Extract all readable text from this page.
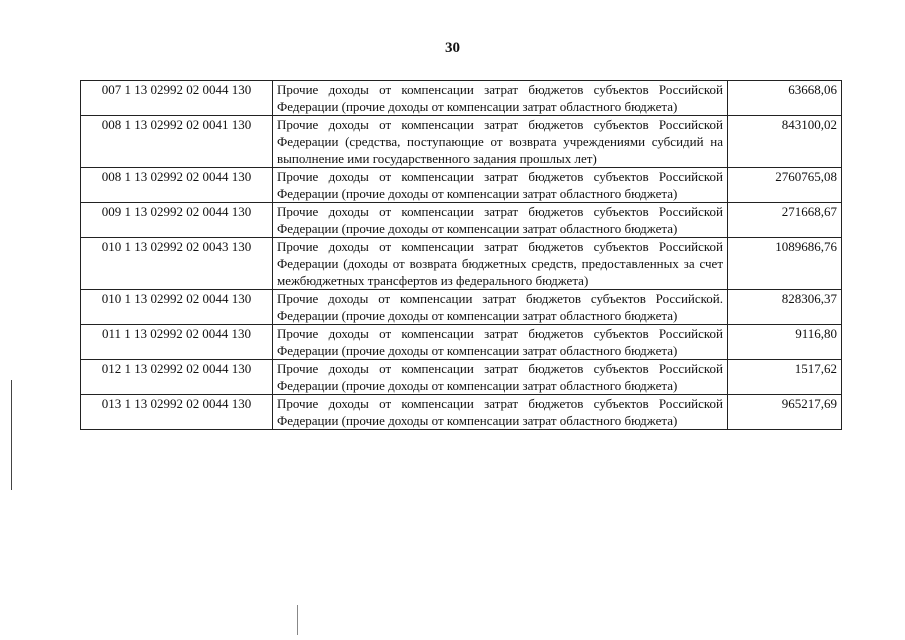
30
007 1 13 02992 02 0044 130	Прочие доходы от компенсации затрат бюджетов субъектов Российской Федерации (прочие доходы от компенсации затрат областного бюджета)	63668,06
008 1 13 02992 02 0041 130	Прочие доходы от компенсации затрат бюджетов субъектов Российской Федерации (средства, поступающие от возврата учреждениями субсидий на выполнение ими государственного задания прошлых лет)	843100,02
008 1 13 02992 02 0044 130	Прочие доходы от компенсации затрат бюджетов субъектов Российской Федерации (прочие доходы от компенсации затрат областного бюджета)	2760765,08
009 1 13 02992 02 0044 130	Прочие доходы от компенсации затрат бюджетов субъектов Российской Федерации (прочие доходы от компенсации затрат областного бюджета)	271668,67
010 1 13 02992 02 0043 130	Прочие доходы от компенсации затрат бюджетов субъектов Российской Федерации (доходы от возврата бюджетных средств, предоставленных за счет межбюджетных трансфертов из федерального бюджета)	1089686,76
010 1 13 02992 02 0044 130	Прочие доходы от компенсации затрат бюджетов субъектов Российской. Федерации (прочие доходы от компенсации затрат областного бюджета)	828306,37
011 1 13 02992 02 0044 130	Прочие доходы от компенсации затрат бюджетов субъектов Российской Федерации (прочие доходы от компенсации затрат областного бюджета)	9116,80
012 1 13 02992 02 0044 130	Прочие доходы от компенсации затрат бюджетов субъектов Российской Федерации (прочие доходы от компенсации затрат областного бюджета)	1517,62
013 1 13 02992 02 0044 130	Прочие доходы от компенсации затрат бюджетов субъектов Российской Федерации (прочие доходы от компенсации затрат областного бюджета)	965217,69
